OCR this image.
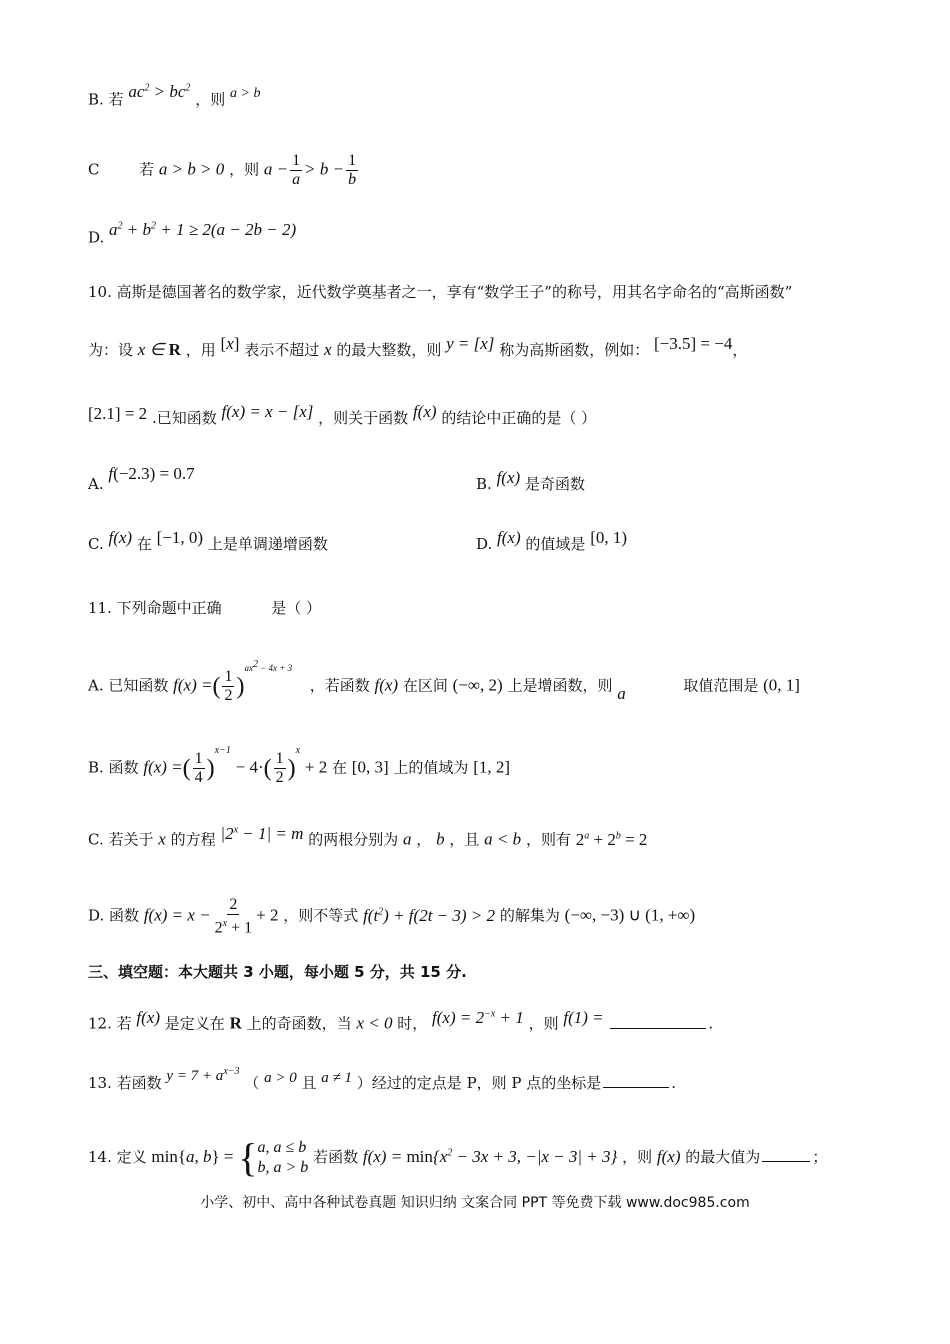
B. 若 $ac^2 > bc^2$ ，则 a > b
C	若 a > b > 0 ，则 $a - \frac{1}{a} > b - \frac{1}{b}$
D. $a^2 + b^2 + 1 \ge 2(a - 2b - 2)$
10. 高斯是德国著名的数学家，近代数学奠基者之一，享有“数学王子”的称号，用其名字命名的“高斯函数”
为：设 x ∈ R ，用 [x] 表示不超过 x 的最大整数，则 y = [x] 称为高斯函数，例如： [−3.5] = −4，
[2.1] = 2 .已知函数 f(x) = x − [x] ，则关于函数 f(x) 的结论中正确的是（ ）
A. f(−2.3) = 0.7
B. f(x) 是奇函数
C. f(x) 在 [−1, 0) 上是单调递增函数	D. f(x) 的值域是 [0, 1)
11. 下列命题中正确	是（ ）
A. 已知函数 f(x) =( $\frac{1}{2} )^{ax^2 - 4x + 3}$  ，若函数 f(x) 在区间 (−∞, 2) 上是增函数，则 a	取值范围是 (0, 1]
B. 函数 f(x) =( $\frac{1}{4} )^{x-1} - 4\cdot( \frac{1}{2} )^x + 2$ 在 [0, 3] 上的值域为 [1, 2]
C. 若关于 x 的方程 $|2^x - 1| = m$ 的两根分别为 a ， b ，且 a < b ，则有 $2^a + 2^b = 2$
D. 函数 $f(x) = x - \frac{2}{2^x + 1} + 2$ ，则不等式 $f(t^2) + f(2t - 3) > 2$ 的解集为 (−∞, −3) ∪ (1, +∞)
三、填空题：本大题共 3 小题，每小题 5 分，共 15 分.
12. 若 f(x) 是定义在 R 上的奇函数，当 x < 0 时， $f(x) = 2^{-x} + 1$ ，则 f(1) =	.
13. 若函数 $y = 7 + a^{x-3}$ （ a > 0 且 a ≠ 1 ）经过的定点是 P，则 P 点的坐标是	.
14. 定义 min{a, b} = { a, a ≤ b
b, a > b
若函数 $f(x) = \min\{x^2 - 3x + 3$, −|x − 3| + 3} ，则 f(x) 的最大值为	；
小学、初中、高中各种试卷真题 知识归纳 文案合同 PPT 等免费下载 www.doc985.com
